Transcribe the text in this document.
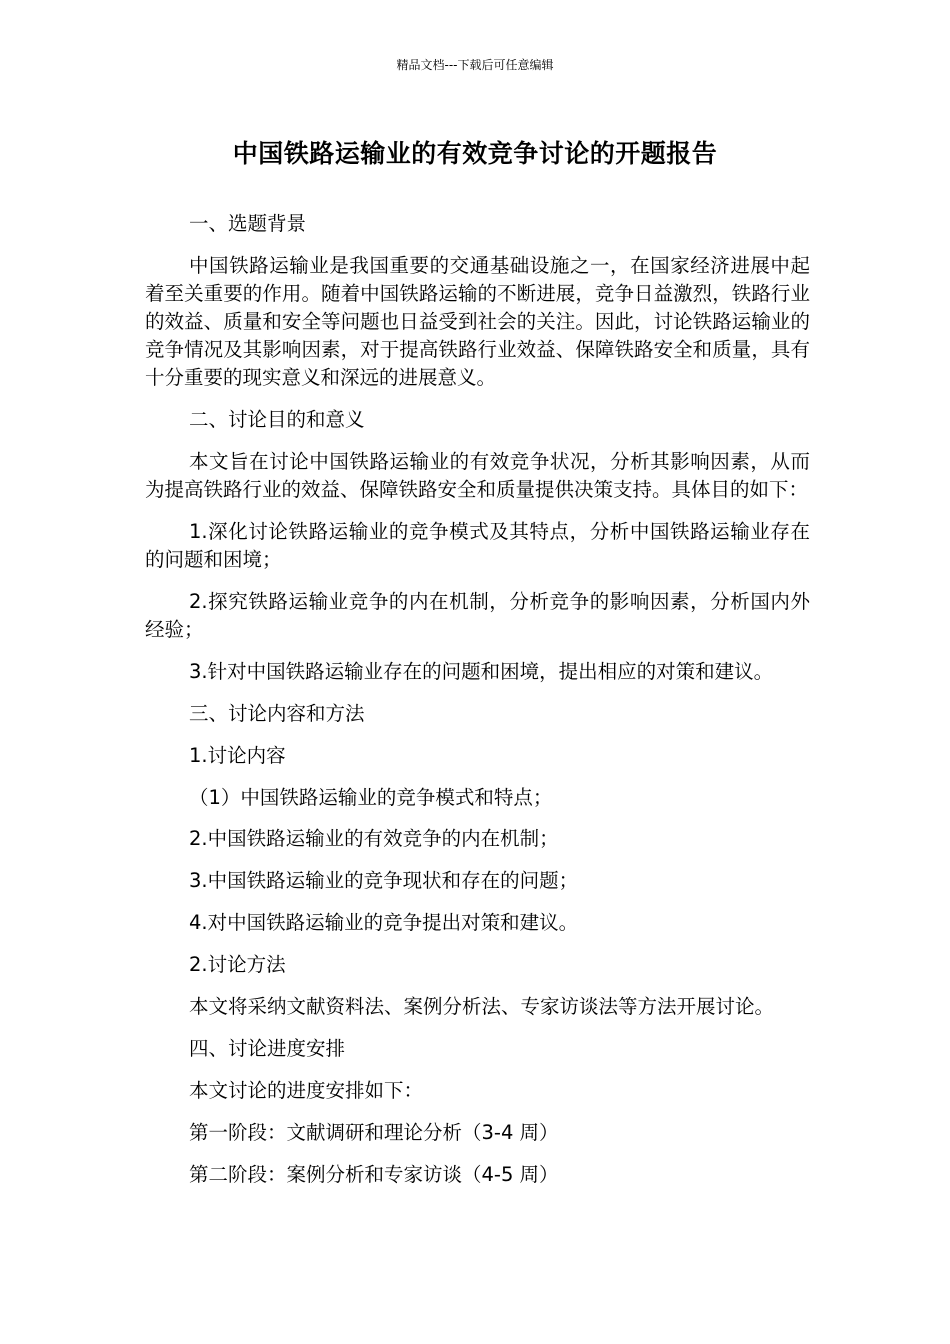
精品文档---下载后可任意编辑
中国铁路运输业的有效竞争讨论的开题报告

一、选题背景

中国铁路运输业是我国重要的交通基础设施之一，在国家经济进展中起着至关重要的作用。随着中国铁路运输的不断进展，竞争日益激烈，铁路行业的效益、质量和安全等问题也日益受到社会的关注。因此，讨论铁路运输业的竞争情况及其影响因素，对于提高铁路行业效益、保障铁路安全和质量，具有十分重要的现实意义和深远的进展意义。

二、讨论目的和意义

本文旨在讨论中国铁路运输业的有效竞争状况，分析其影响因素，从而为提高铁路行业的效益、保障铁路安全和质量提供决策支持。具体目的如下：

1.深化讨论铁路运输业的竞争模式及其特点，分析中国铁路运输业存在的问题和困境；

2.探究铁路运输业竞争的内在机制，分析竞争的影响因素，分析国内外经验；

3.针对中国铁路运输业存在的问题和困境，提出相应的对策和建议。

三、讨论内容和方法

1.讨论内容

（1）中国铁路运输业的竞争模式和特点；

2.中国铁路运输业的有效竞争的内在机制；

3.中国铁路运输业的竞争现状和存在的问题；

4.对中国铁路运输业的竞争提出对策和建议。

2.讨论方法

本文将采纳文献资料法、案例分析法、专家访谈法等方法开展讨论。

四、讨论进度安排

本文讨论的进度安排如下：

第一阶段：文献调研和理论分析（3-4 周）

第二阶段：案例分析和专家访谈（4-5 周）
